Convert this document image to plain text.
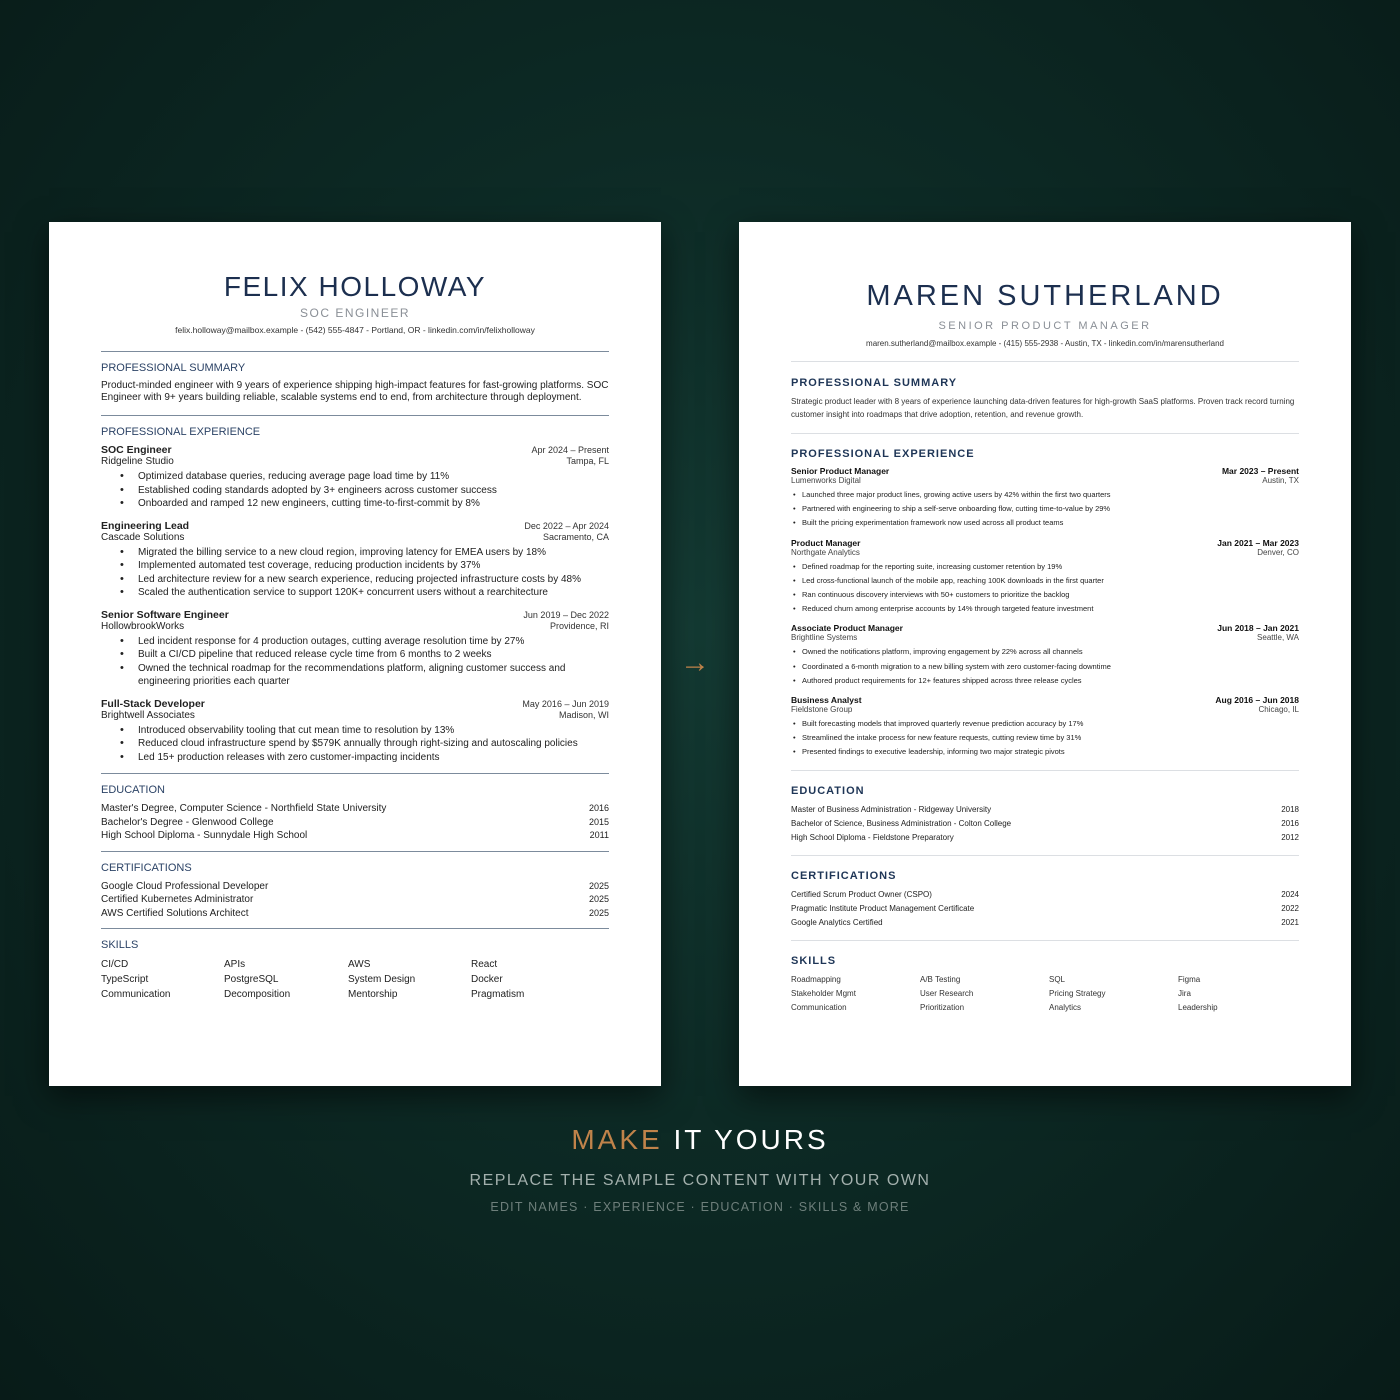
FELIX HOLLOWAY
SOC ENGINEER
felix.holloway@mailbox.example - (542) 555-4847 - Portland, OR - linkedin.com/in/felixholloway
PROFESSIONAL SUMMARY

Product-minded engineer with 9 years of experience shipping high-impact features for fast-growing platforms. SOC Engineer with 9+ years building reliable, scalable systems end to end, from architecture through deployment.

PROFESSIONAL EXPERIENCE
SOC Engineer	Apr 2024 – Present
Ridgeline Studio	Tampa, FL
• Optimized database queries, reducing average page load time by 11%
• Established coding standards adopted by 3+ engineers across customer success
• Onboarded and ramped 12 new engineers, cutting time-to-first-commit by 8%
Engineering Lead	Dec 2022 – Apr 2024
Cascade Solutions	Sacramento, CA
• Migrated the billing service to a new cloud region, improving latency for EMEA users by 18%
• Implemented automated test coverage, reducing production incidents by 37%
• Led architecture review for a new search experience, reducing projected infrastructure costs by 48%
• Scaled the authentication service to support 120K+ concurrent users without a rearchitecture
Senior Software Engineer	Jun 2019 – Dec 2022
HollowbrookWorks	Providence, RI
• Led incident response for 4 production outages, cutting average resolution time by 27%
• Built a CI/CD pipeline that reduced release cycle time from 6 months to 2 weeks
• Owned the technical roadmap for the recommendations platform, aligning customer success and engineering priorities each quarter
Full-Stack Developer	May 2016 – Jun 2019
Brightwell Associates	Madison, WI
• Introduced observability tooling that cut mean time to resolution by 13%
• Reduced cloud infrastructure spend by $579K annually through right-sizing and autoscaling policies
• Led 15+ production releases with zero customer-impacting incidents
EDUCATION
Master's Degree, Computer Science - Northfield State University	2016
Bachelor's Degree - Glenwood College	2015
High School Diploma - Sunnydale High School	2011
CERTIFICATIONS
Google Cloud Professional Developer	2025
Certified Kubernetes Administrator	2025
AWS Certified Solutions Architect	2025
SKILLS
CI/CD	APIs	AWS	React
TypeScript	PostgreSQL	System Design	Docker
Communication	Decomposition	Mentorship	Pragmatism
→
MAREN SUTHERLAND
SENIOR PRODUCT MANAGER
maren.sutherland@mailbox.example - (415) 555-2938 - Austin, TX - linkedin.com/in/marensutherland
PROFESSIONAL SUMMARY

Strategic product leader with 8 years of experience launching data-driven features for high-growth SaaS platforms. Proven track record turning customer insight into roadmaps that drive adoption, retention, and revenue growth.

PROFESSIONAL EXPERIENCE
Senior Product Manager	Mar 2023 – Present
Lumenworks Digital	Austin, TX
• Launched three major product lines, growing active users by 42% within the first two quarters
• Partnered with engineering to ship a self-serve onboarding flow, cutting time-to-value by 29%
• Built the pricing experimentation framework now used across all product teams
Product Manager	Jan 2021 – Mar 2023
Northgate Analytics	Denver, CO
• Defined roadmap for the reporting suite, increasing customer retention by 19%
• Led cross-functional launch of the mobile app, reaching 100K downloads in the first quarter
• Ran continuous discovery interviews with 50+ customers to prioritize the backlog
• Reduced churn among enterprise accounts by 14% through targeted feature investment
Associate Product Manager	Jun 2018 – Jan 2021
Brightline Systems	Seattle, WA
• Owned the notifications platform, improving engagement by 22% across all channels
• Coordinated a 6-month migration to a new billing system with zero customer-facing downtime
• Authored product requirements for 12+ features shipped across three release cycles
Business Analyst	Aug 2016 – Jun 2018
Fieldstone Group	Chicago, IL
• Built forecasting models that improved quarterly revenue prediction accuracy by 17%
• Streamlined the intake process for new feature requests, cutting review time by 31%
• Presented findings to executive leadership, informing two major strategic pivots
EDUCATION
Master of Business Administration - Ridgeway University	2018
Bachelor of Science, Business Administration - Colton College	2016
High School Diploma - Fieldstone Preparatory	2012
CERTIFICATIONS
Certified Scrum Product Owner (CSPO)	2024
Pragmatic Institute Product Management Certificate	2022
Google Analytics Certified	2021
SKILLS
Roadmapping	A/B Testing	SQL	Figma
Stakeholder Mgmt	User Research	Pricing Strategy	Jira
Communication	Prioritization	Analytics	Leadership
MAKE IT YOURS
REPLACE THE SAMPLE CONTENT WITH YOUR OWN
EDIT NAMES · EXPERIENCE · EDUCATION · SKILLS & MORE
